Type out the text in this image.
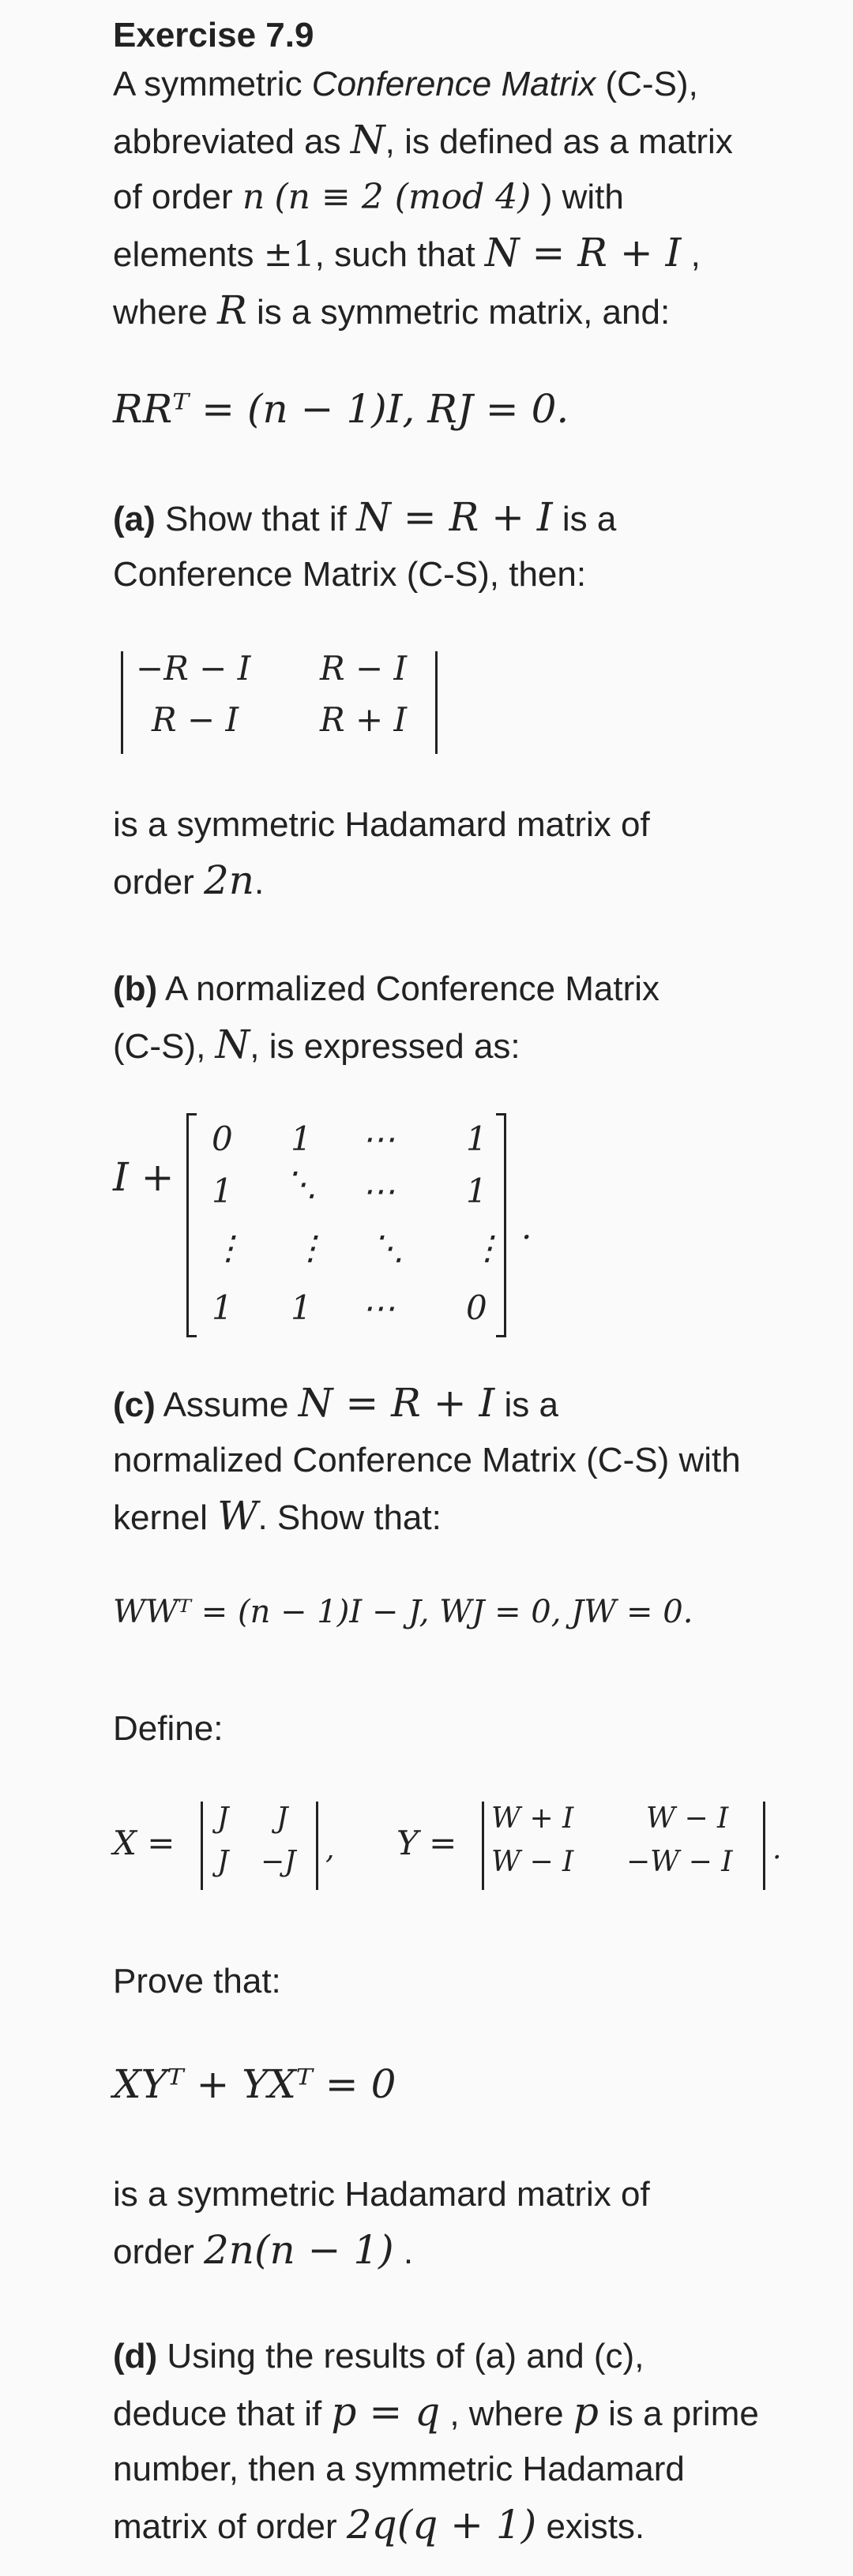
Exercise 7.9
A symmetric Conference Matrix (C-S),
abbreviated as N, is defined as a matrix
of order n (n ≡ 2 (mod 4) ) with
elements ±1, such that N = R + I ,
where R is a symmetric matrix, and:
RRᵀ = (n − 1)I, RJ = 0.
(a) Show that if N = R + I is a
Conference Matrix (C-S), then:
−R − I R − I
R − I R + I
is a symmetric Hadamard matrix of
order 2n.
(b) A normalized Conference Matrix
(C-S), N, is expressed as:
I +
0 1 ⋯ 1
1 ⋱ ⋯ 1
⋮ ⋮ ⋱ ⋮
1 1 ⋯ 0
.
(c) Assume N = R + I is a
normalized Conference Matrix (C-S) with
kernel W. Show that:
WWᵀ = (n − 1)I − J, WJ = 0, JW = 0.
Define:
X =
J J
J −J , Y =
W + I	W − I
W − I −W − I .
Prove that:
XYᵀ + YXᵀ = 0
is a symmetric Hadamard matrix of
order 2n(n − 1) .
(d) Using the results of (a) and (c),
deduce that if p = q , where p is a prime
number, then a symmetric Hadamard
matrix of order 2q(q + 1) exists.
